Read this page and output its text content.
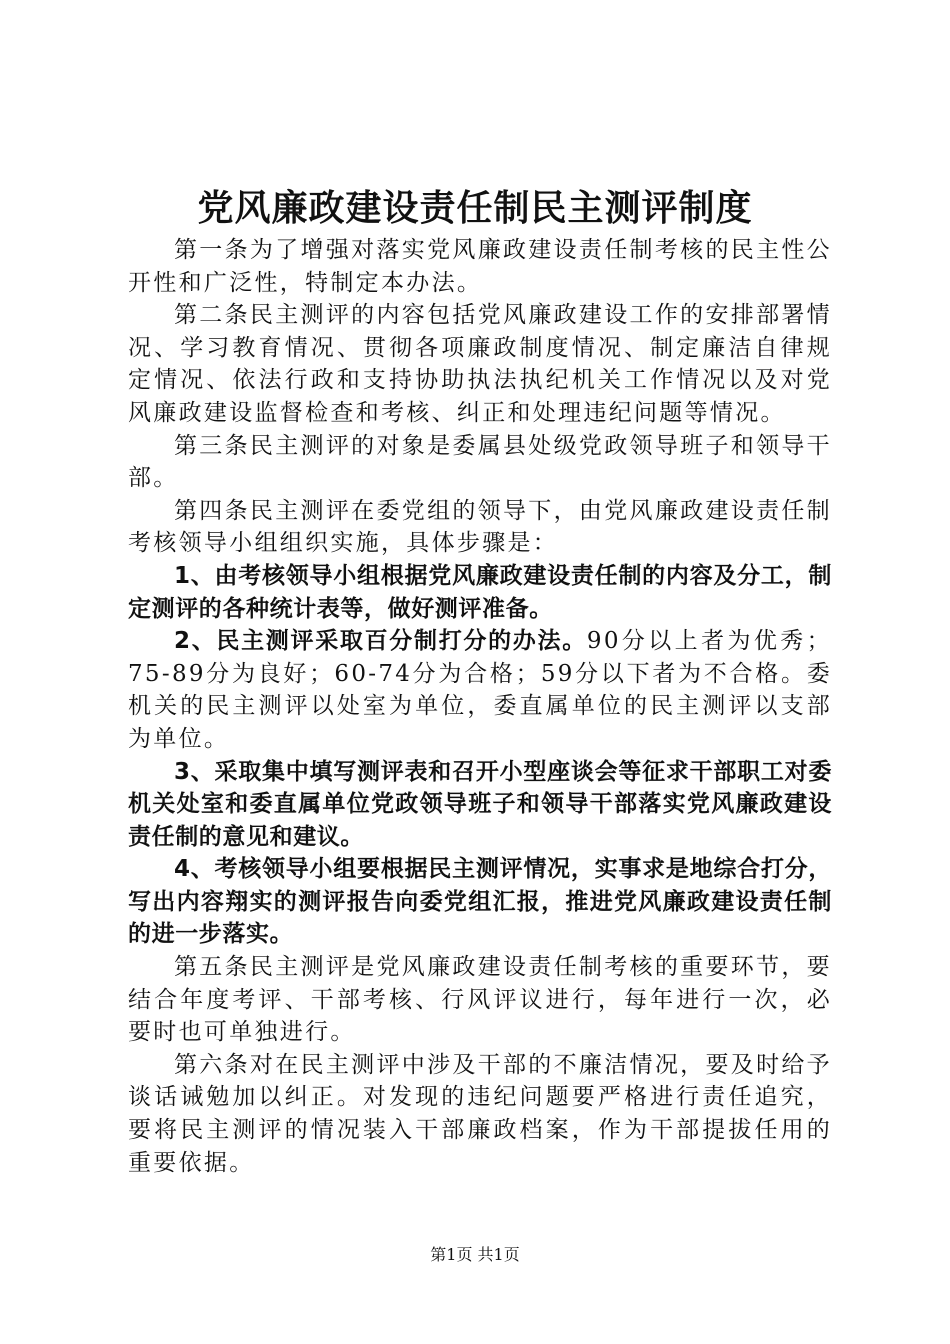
党风廉政建设责任制民主测评制度

第一条为了增强对落实党风廉政建设责任制考核的民主性公开性和广泛性，特制定本办法。

第二条民主测评的内容包括党风廉政建设工作的安排部署情况、学习教育情况、贯彻各项廉政制度情况、制定廉洁自律规定情况、依法行政和支持协助执法执纪机关工作情况以及对党风廉政建设监督检查和考核、纠正和处理违纪问题等情况。

第三条民主测评的对象是委属县处级党政领导班子和领导干部。

第四条民主测评在委党组的领导下，由党风廉政建设责任制考核领导小组组织实施，具体步骤是：

1、由考核领导小组根据党风廉政建设责任制的内容及分工，制定测评的各种统计表等，做好测评准备。

2、民主测评采取百分制打分的办法。90分以上者为优秀；75-89分为良好；60-74分为合格；59分以下者为不合格。委机关的民主测评以处室为单位，委直属单位的民主测评以支部为单位。

3、采取集中填写测评表和召开小型座谈会等征求干部职工对委机关处室和委直属单位党政领导班子和领导干部落实党风廉政建设责任制的意见和建议。

4、考核领导小组要根据民主测评情况，实事求是地综合打分，写出内容翔实的测评报告向委党组汇报，推进党风廉政建设责任制的进一步落实。

第五条民主测评是党风廉政建设责任制考核的重要环节，要结合年度考评、干部考核、行风评议进行，每年进行一次，必要时也可单独进行。

第六条对在民主测评中涉及干部的不廉洁情况，要及时给予谈话诫勉加以纠正。对发现的违纪问题要严格进行责任追究，要将民主测评的情况装入干部廉政档案，作为干部提拔任用的重要依据。

第1页 共1页
